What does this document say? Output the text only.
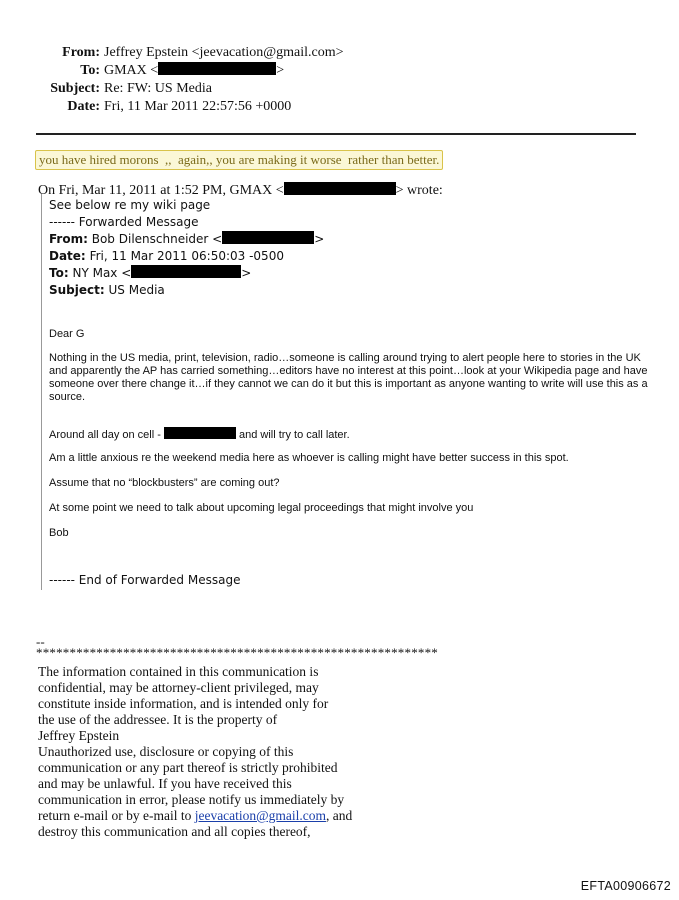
From: Jeffrey Epstein <jeevacation@gmail.com>
To: GMAX <	>
Subject: Re: FW: US Media
Date: Fri, 11 Mar 2011 22:57:56 +0000
you have hired morons  ,,  again,, you are making it worse  rather than better.
On Fri, Mar 11, 2011 at 1:52 PM, GMAX <	> wrote:
See below re my wiki page
------ Forwarded Message
From: Bob Dilenschneider <	>
Date: Fri, 11 Mar 2011 06:50:03 -0500
To: NY Max <	>
Subject: US Media
Dear G
Nothing in the US media, print, television, radio…someone is calling around trying to alert people here to stories in the UK and apparently the AP has carried something…editors have no interest at this point…look at your Wikipedia page and have someone over there change it…if they cannot we can do it but this is important as anyone wanting to write will use this as a source.
Around all day on cell -	and will try to call later.
Am a little anxious re the weekend media here as whoever is calling might have better success in this spot.
Assume that no “blockbusters” are coming out?
At some point we need to talk about upcoming legal proceedings that might involve you
Bob
------ End of Forwarded Message
--
************************************************************
The information contained in this communication is
confidential, may be attorney-client privileged, may
constitute inside information, and is intended only for
the use of the addressee. It is the property of
Jeffrey Epstein
Unauthorized use, disclosure or copying of this
communication or any part thereof is strictly prohibited
and may be unlawful. If you have received this
communication in error, please notify us immediately by
return e-mail or by e-mail to jeevacation@gmail.com, and
destroy this communication and all copies thereof,
EFTA00906672
